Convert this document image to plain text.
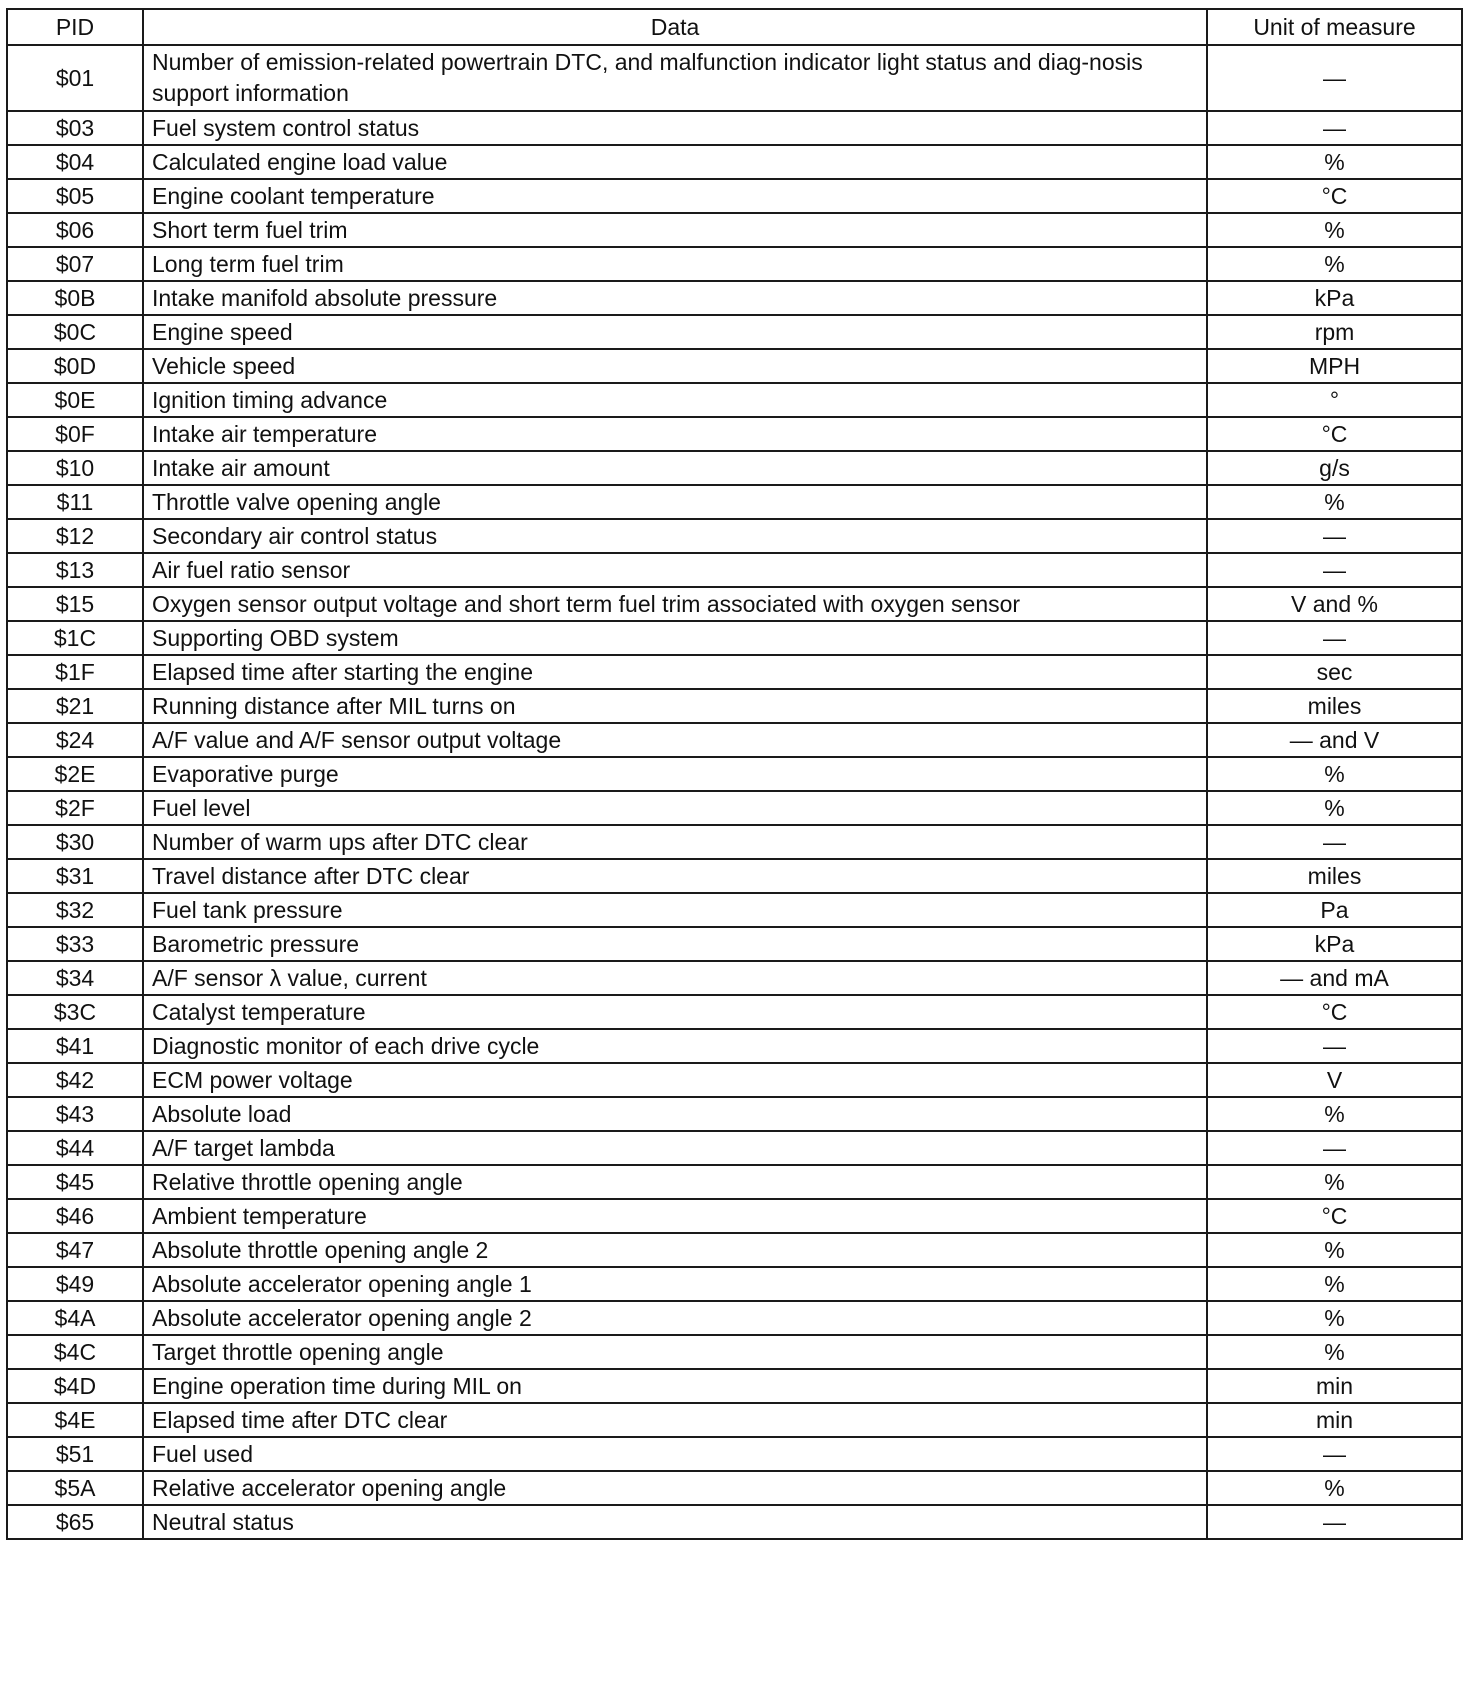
PID	Data	Unit of measure
$01	Number of emission-related powertrain DTC, and malfunction indicator light status and diag-nosis support information	—
$03	Fuel system control status	—
$04	Calculated engine load value	%
$05	Engine coolant temperature	°C
$06	Short term fuel trim	%
$07	Long term fuel trim	%
$0B	Intake manifold absolute pressure	kPa
$0C	Engine speed	rpm
$0D	Vehicle speed	MPH
$0E	Ignition timing advance	°
$0F	Intake air temperature	°C
$10	Intake air amount	g/s
$11	Throttle valve opening angle	%
$12	Secondary air control status	—
$13	Air fuel ratio sensor	—
$15	Oxygen sensor output voltage and short term fuel trim associated with oxygen sensor	V and %
$1C	Supporting OBD system	—
$1F	Elapsed time after starting the engine	sec
$21	Running distance after MIL turns on	miles
$24	A/F value and A/F sensor output voltage	— and V
$2E	Evaporative purge	%
$2F	Fuel level	%
$30	Number of warm ups after DTC clear	—
$31	Travel distance after DTC clear	miles
$32	Fuel tank pressure	Pa
$33	Barometric pressure	kPa
$34	A/F sensor λ value, current	— and mA
$3C	Catalyst temperature	°C
$41	Diagnostic monitor of each drive cycle	—
$42	ECM power voltage	V
$43	Absolute load	%
$44	A/F target lambda	—
$45	Relative throttle opening angle	%
$46	Ambient temperature	°C
$47	Absolute throttle opening angle 2	%
$49	Absolute accelerator opening angle 1	%
$4A	Absolute accelerator opening angle 2	%
$4C	Target throttle opening angle	%
$4D	Engine operation time during MIL on	min
$4E	Elapsed time after DTC clear	min
$51	Fuel used	—
$5A	Relative accelerator opening angle	%
$65	Neutral status	—
